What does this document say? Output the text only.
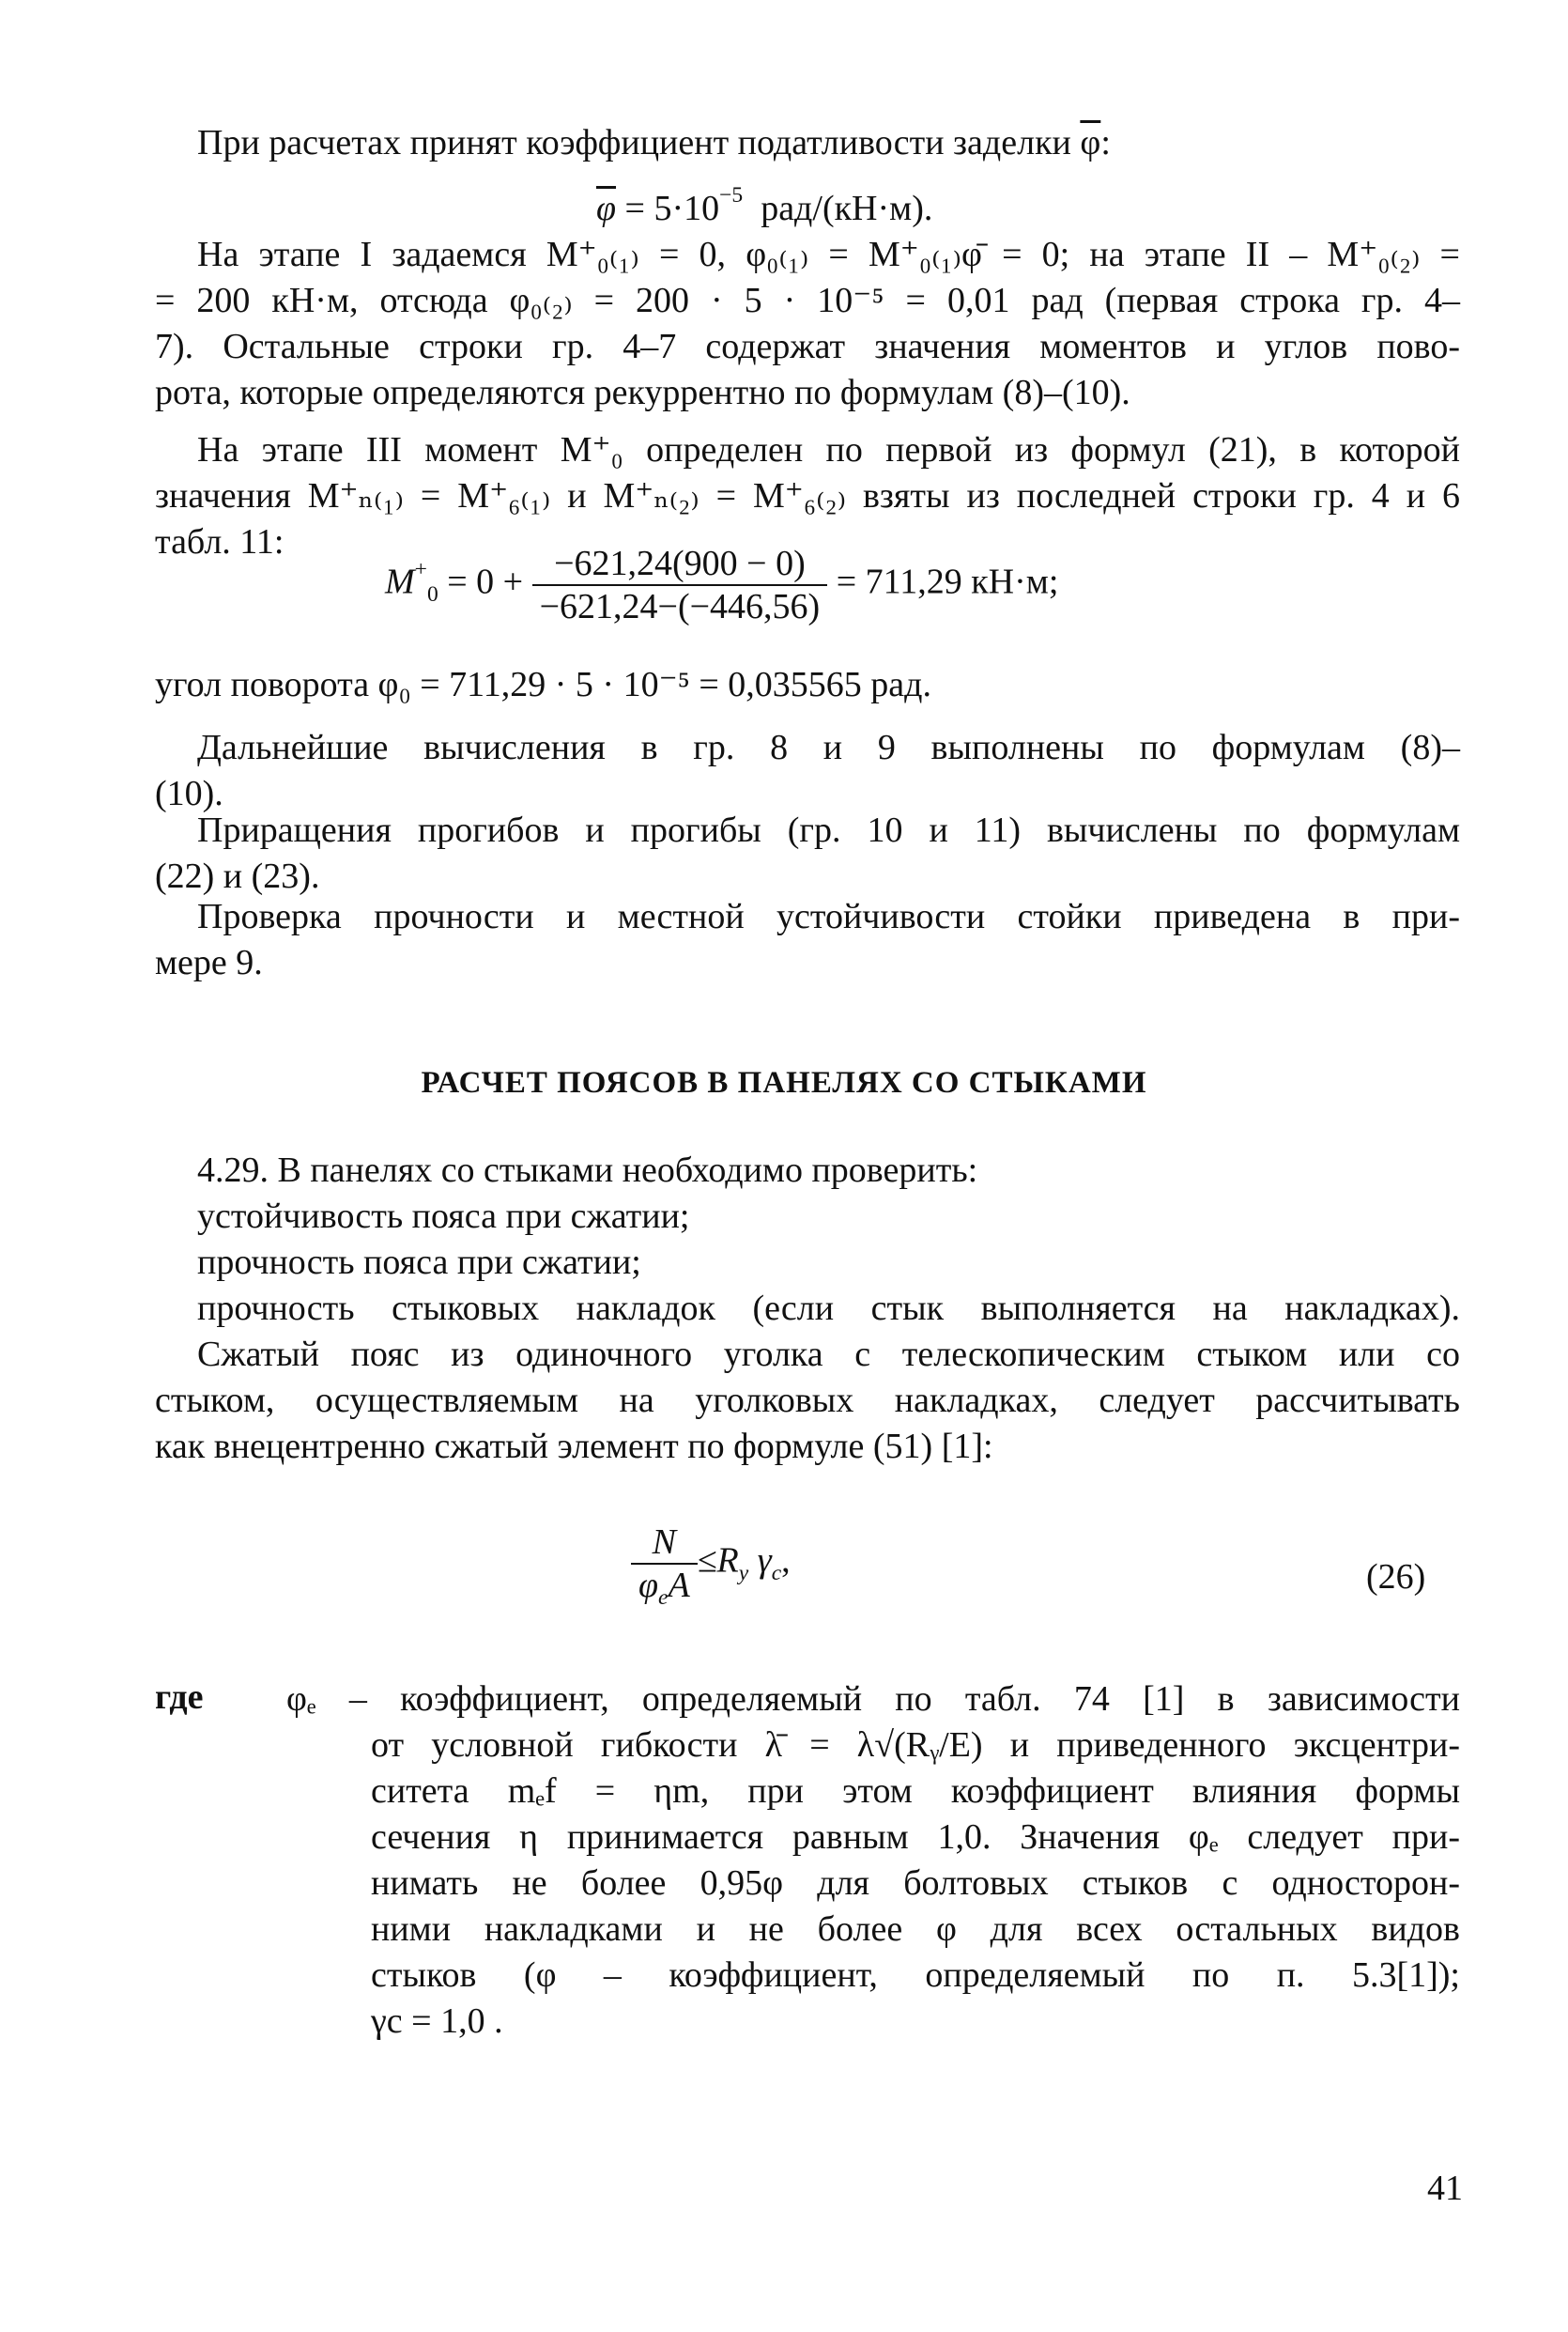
При расчетах принят коэффициент податливости заделки $\overline{\varphi}$:
$\overline{\varphi} = 5\cdot 10^{-5}$ рад/(кН·м).
На этапе I задаемся M⁺₀₍₁₎ = 0, φ₀₍₁₎ = M⁺₀₍₁₎φ̄ = 0; на этапе II – M⁺₀₍₂₎ =
= 200 кН·м, отсюда φ₀₍₂₎ = 200 · 5 · 10⁻⁵ = 0,01 рад (первая строка гр. 4–
7). Остальные строки гр. 4–7 содержат значения моментов и углов пово-
рота, которые определяются рекуррентно по формулам (8)–(10).
На этапе III момент M⁺₀ определен по первой из формул (21), в которой
значения M⁺ₙ₍₁₎ = M⁺₆₍₁₎ и M⁺ₙ₍₂₎ = M⁺₆₍₂₎ взяты из последней строки гр. 4 и 6
табл. 11:
$M^+_0 = 0 + \frac{-621,24(900 - 0)}{-621,24-(-446,56)} = 711,29$ кН·м;
угол поворота φ₀ = 711,29 · 5 · 10⁻⁵ = 0,035565 рад.
Дальнейшие вычисления в гр. 8 и 9 выполнены по формулам (8)–
(10).
Приращения прогибов и прогибы (гр. 10 и 11) вычислены по формулам
(22) и (23).
Проверка прочности и местной устойчивости стойки приведена в при-
мере 9.
РАСЧЕТ ПОЯСОВ В ПАНЕЛЯХ СО СТЫКАМИ
4.29. В панелях со стыками необходимо проверить:
устойчивость пояса при сжатии;
прочность пояса при сжатии;
прочность стыковых накладок (если стык выполняется на накладках).
Сжатый пояс из одиночного уголка с телескопическим стыком или со
стыком, осуществляемым на уголковых накладках, следует рассчитывать
как внецентренно сжатый элемент по формуле (51) [1]:
$\frac{N}{\varphi_eA} \le R_y$ $\gamma_c$,	(26)
где φₑ – коэффициент, определяемый по табл. 74 [1] в зависимости
от условной гибкости λ̄ = λ√(Rᵧ/E) и приведенного эксцентри-
ситета mₑf = ηm, при этом коэффициент влияния формы
сечения η принимается равным 1,0. Значения φₑ следует при-
нимать не более 0,95φ для болтовых стыков с односторон-
ними накладками и не более φ для всех остальных видов
стыков (φ – коэффициент, определяемый по п. 5.3[1]);
γc = 1,0 .
41
